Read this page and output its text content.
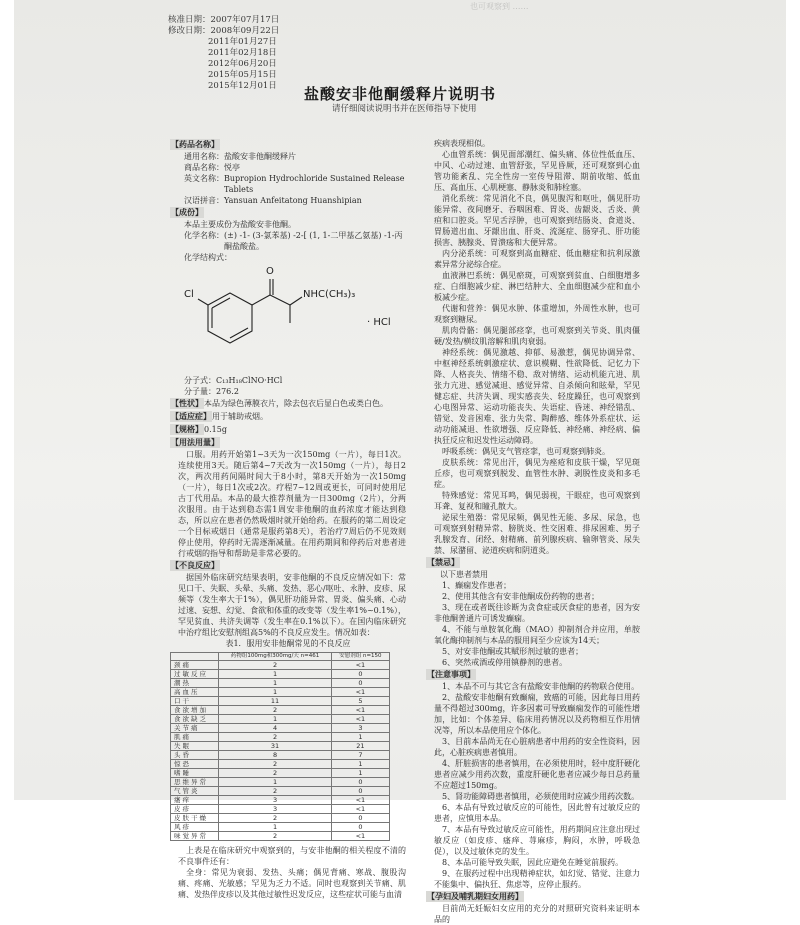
也可观察到 ……
核准日期：2007年07月17日
修改日期：2008年09月22日
2011年01月27日
2011年02月18日
2012年06月20日
2015年05月15日
2015年12月01日	盐酸安非他酮缓释片说明书
请仔细阅读说明书并在医师指导下使用

【药品名称】

通用名称： 盐酸安非他酮缓释片

商品名称： 悦亭

英文名称： Bupropion Hydrochloride Sustained Release Tablets

汉语拼音： Yansuan Anfeitatong Huanshipian

【成份】

本品主要成份为盐酸安非他酮。

化学名称： (±) -1- (3-氯苯基) -2-[ (1, 1-二甲基乙氨基) -1-丙酮盐酸盐。

化学结构式：

Cl
O
NHC(CH₃)₃
· HCl

分子式： C₁₃H₁₈ClNO·HCl

分子量： 276.2

【性状】本品为绿色薄膜衣片，除去包衣后显白色或类白色。

【适应症】用于辅助戒烟。

【规格】0.15g

【用法用量】

口服。用药开始第1~3天为一次150mg（一片），每日1次。连续使用3天。随后第4~7天改为一次150mg（一片），每日2次，两次用药间隔时间大于8小时，第8天开始为一次150mg（一片），每日1次或2次。疗程7~12周或更长，可同时使用尼古丁代用品。本品的最大推荐剂量为一日300mg（2片），分两次服用。由于达到稳态需1周安非他酮的血药浓度才能达到稳态，所以应在患者仍然吸烟时就开始给药。在服药的第二周设定一个目标戒烟日（通常是服药第8天），若治疗7周后仍不见效则停止使用，停药时无需逐渐减量。在用药期间和停药后对患者进行戒烟的指导和帮助是非常必要的。

【不良反应】

据国外临床研究结果表明，安非他酮的不良反应情况如下：常见口干、失眠、头晕、头痛、发热、恶心/呕吐、永肿、皮疹、尿频等（发生率大于1%），偶见肝功能异常、胃炎、偏头痛、心动过速、妄想、幻觉、食欲和体重的改变等（发生率1%~0.1%），罕见贫血、共济失调等（发生率在0.1%以下）。在国内临床研究中治疗组比安慰剂组高5%的不良反应发生。情况如表：

表1．服用安非他酮常见的不良反应

	药物组100mg和300mg/天 n=461	安慰剂组 n=150
颈痛	2	<1
过敏反应	1	0
潮热	1	0
高血压	1	<1
口干	11	5
食欲增加	2	<1
食欲缺乏	1	<1
关节痛	4	3
肌痛	2	1
失眠	31	21
头昏	8	7
惊恐	2	1
嗜睡	2	1
思维异常	1	0
气管炎	2	0
瘙痒	3	<1
皮疹	3	<1
皮肤干燥	2	0
风疹	1	0
味觉异常	2	<1

上表是在临床研究中观察到的，与安非他酮的相关程度不清的不良事件还有：

全身：常见为衰弱、发热、头痛；偶见背痛、寒战、腹股沟痛、疼痛、光敏感；罕见为乏力不适。同时也观察到关节痛、肌痛、发热伴皮疹以及其他过敏性迟发反应，这些症状可能与血清

疾病表现相似。

心血管系统：偶见面部潮红、偏头痛、体位性低血压、中风、心动过速、血管舒张，罕见昏厥，还可观察到心血管功能紊乱、完全性房一室传导阻滞、期前收缩、低血压、高血压、心肌梗塞、静脉炎和肺栓塞。

消化系统：常见消化不良，偶见腹泻和呕吐，偶见肝功能异常、夜间磨牙、吞咽困难、胃炎、齿龈炎、舌炎、黄疸和口腔炎。罕见舌浮肿，也可观察到结肠炎、食道炎、胃肠道出血、牙龈出血、肝炎、流涎症、肠穿孔、肝功能损害、胰腺炎、胃溃疡和大便异常。

内分泌系统：可观察到高血糖症、低血糖症和抗利尿激素异常分泌综合症。

血液淋巴系统：偶见瘀斑，可观察到贫血、白细胞增多症、白细胞减少症、淋巴结肿大、全血细胞减少症和血小板减少症。

代谢和营养：偶见水肿、体重增加，外周性水肿，也可观察到糖尿。

肌肉骨骼：偶见腿部痉挛，也可观察到关节炎、肌肉僵硬/发热/横纹肌溶解和肌肉衰弱。

神经系统：偶见激越、抑郁、易激惹，偶见协调异常、中枢神经系统刺激症状、意识模糊、性欲降低、记忆力下降、人格丧失、情绪不稳、敌对情绪、运动机能亢进、肌张力亢进、感觉减退、感觉异常、自杀倾向和眩晕，罕见健忘症、共济失调、现实感丧失、轻度躁狂，也可观察到心电图异常、运动功能丧失、失语症、昏迷、神经错乱、错觉、发音困难、张力失常、陶醉感、维体外系症状、运动功能减退、性欲增强、反应降低、神经痛、神经病、偏执狂反应和迟发性运动障碍。

呼吸系统：偶见支气管痉挛，也可观察到肺炎。

皮肤系统：常见出汗，偶见为痤疮和皮肤干燥，罕见斑丘疹，也可观察到脱发、血管性水肿、剥脱性皮炎和多毛症。

特殊感觉：常见耳鸣，偶见弱视，干眼症，也可观察到耳聋、复视和瞳孔散大。

泌尿生殖器：常见尿频，偶见性无能、多尿、尿急，也可观察到射精异常、膀胱炎、性交困难、排尿困难、男子乳腺发育、闭经、射精痛、前列腺疾病、输卵管炎、尿失禁、尿潴留、泌道疾病和阴道炎。

【禁忌】

以下患者禁用

1、癫痫发作患者；

2、使用其他含有安非他酮成份药物的患者；

3、现在或者既往诊断为贪食症或厌食症的患者，因为安非他酮普通片可诱发癫痫。

4、不能与单胺氧化酶（MAO）抑制剂合并应用，单胺氧化酶抑制剂与本品的服用间至少应该为14天；

5、对安非他酮或其赋形剂过敏的患者；

6、突然戒酒或停用镇静剂的患者。

【注意事项】

1、本品不可与其它含有盐酸安非他酮的药物联合使用。

2、盐酸安非他酮有致癫痫，致癌的可能，因此每日用药量不得超过300mg，许多因素可导致癫痫发作的可能性增加，比如：个体差异、临床用药情况以及药物相互作用情况等，所以本品使用应个体化。

3、目前本品尚无在心脏病患者中用药的安全性资料，因此，心脏疾病患者慎用。

4、肝脏损害的患者慎用，在必须使用时，轻中度肝硬化患者应减少用药次数，重度肝硬化患者应减少每日总药量不应超过150mg。

5、肾功能障碍患者慎用，必须使用时应减少用药次数。

6、本品有导致过敏反应的可能性，因此曾有过敏反应的患者，应慎用本品。

7、本品有导致过敏反应可能性，用药期间应注意出现过敏反应（如皮疹、瘙痒、荨麻疹，胸闷，水肿，呼吸急促），以及过敏休克的发生。

8、本品可能导致失眠，因此应避免在睡觉前服药。

9、在服药过程中出现精神症状，如幻觉、错觉、注意力不能集中、偏执狂、焦虑等，应停止服药。

【孕妇及哺乳期妇女用药】

目前尚无妊娠妇女应用的充分的对照研究资料来证明本品的
